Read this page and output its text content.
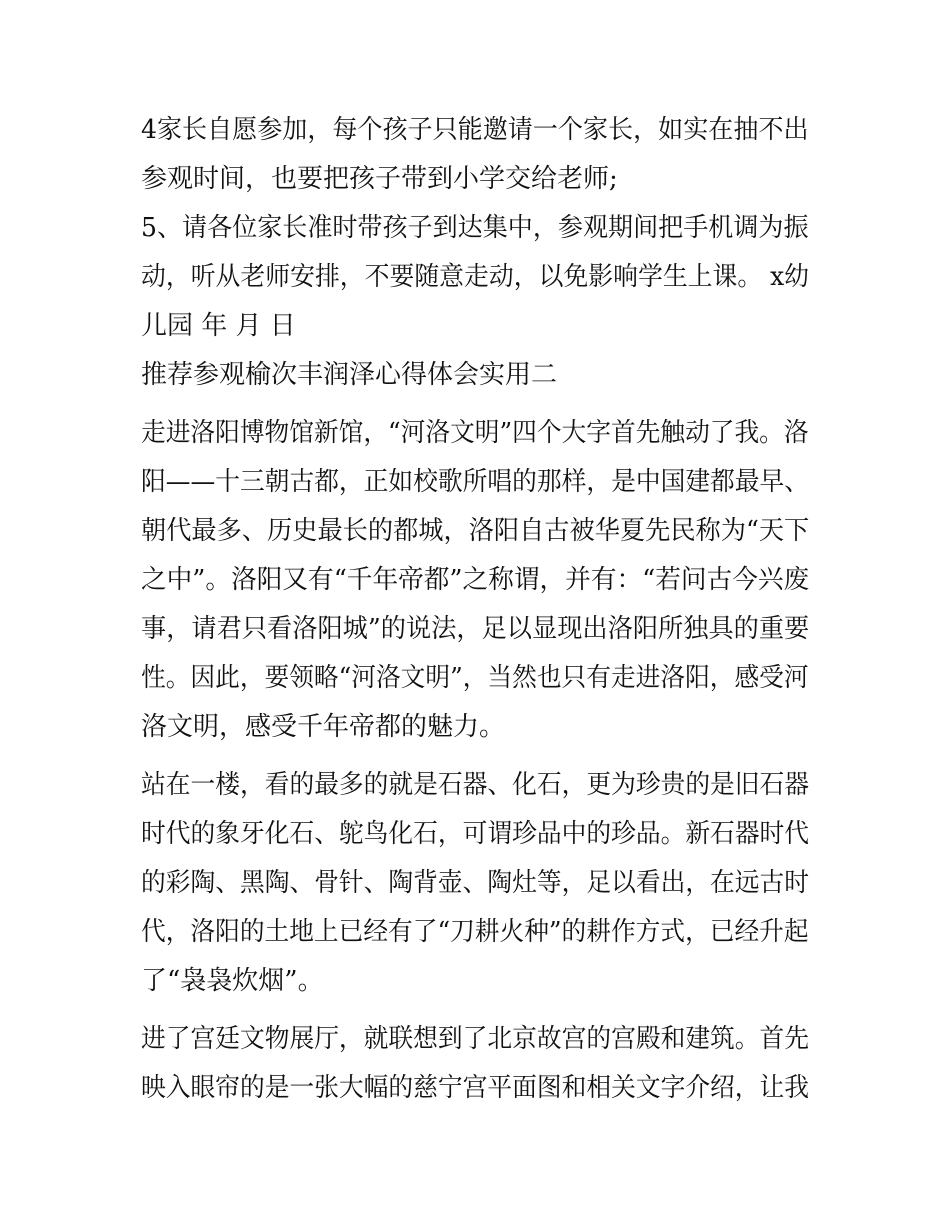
4家长自愿参加，每个孩子只能邀请一个家长，如实在抽不出
参观时间，也要把孩子带到小学交给老师;
5、请各位家长准时带孩子到达集中，参观期间把手机调为振
动，听从老师安排，不要随意走动，以免影响学生上课。 x幼
儿园 年 月 日
推荐参观榆次丰润泽心得体会实用二
走进洛阳博物馆新馆，“河洛文明”四个大字首先触动了我。洛
阳——十三朝古都，正如校歌所唱的那样，是中国建都最早、
朝代最多、历史最长的都城，洛阳自古被华夏先民称为“天下
之中”。洛阳又有“千年帝都”之称谓，并有：“若问古今兴废
事，请君只看洛阳城”的说法，足以显现出洛阳所独具的重要
性。因此，要领略“河洛文明”，当然也只有走进洛阳，感受河
洛文明，感受千年帝都的魅力。
站在一楼，看的最多的就是石器、化石，更为珍贵的是旧石器
时代的象牙化石、鸵鸟化石，可谓珍品中的珍品。新石器时代
的彩陶、黑陶、骨针、陶背壶、陶灶等，足以看出，在远古时
代，洛阳的土地上已经有了“刀耕火种”的耕作方式，已经升起
了“袅袅炊烟”。
进了宫廷文物展厅，就联想到了北京故宫的宫殿和建筑。首先
映入眼帘的是一张大幅的慈宁宫平面图和相关文字介绍，让我
